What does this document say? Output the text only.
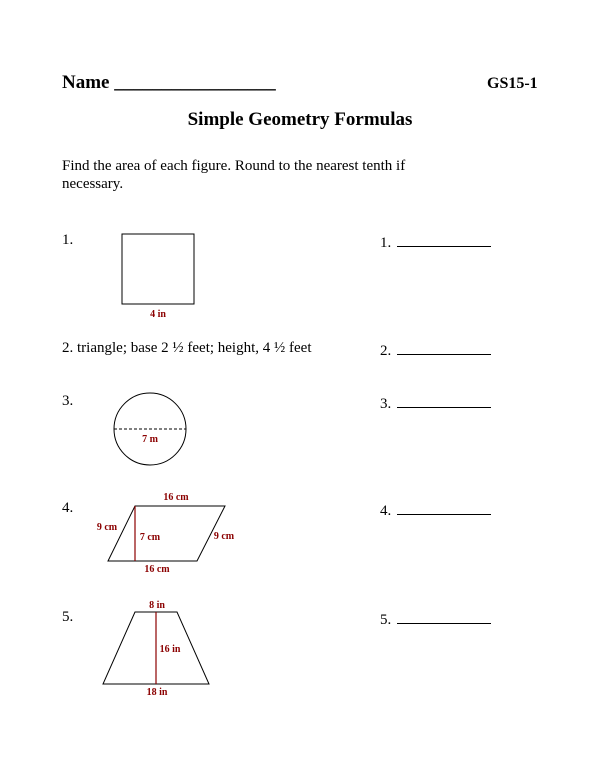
Name _________________	GS15-1
Simple Geometry Formulas
Find the area of each figure. Round to the nearest tenth if necessary.
1.	1.
4 in
7 m
16 cm
16 cm
9 cm
9 cm
7 cm
8 in
18 in
16 in
2. triangle; base 2 ½ feet; height, 4 ½ feet	2.
3.	3.
4.	4.
5.	5.
